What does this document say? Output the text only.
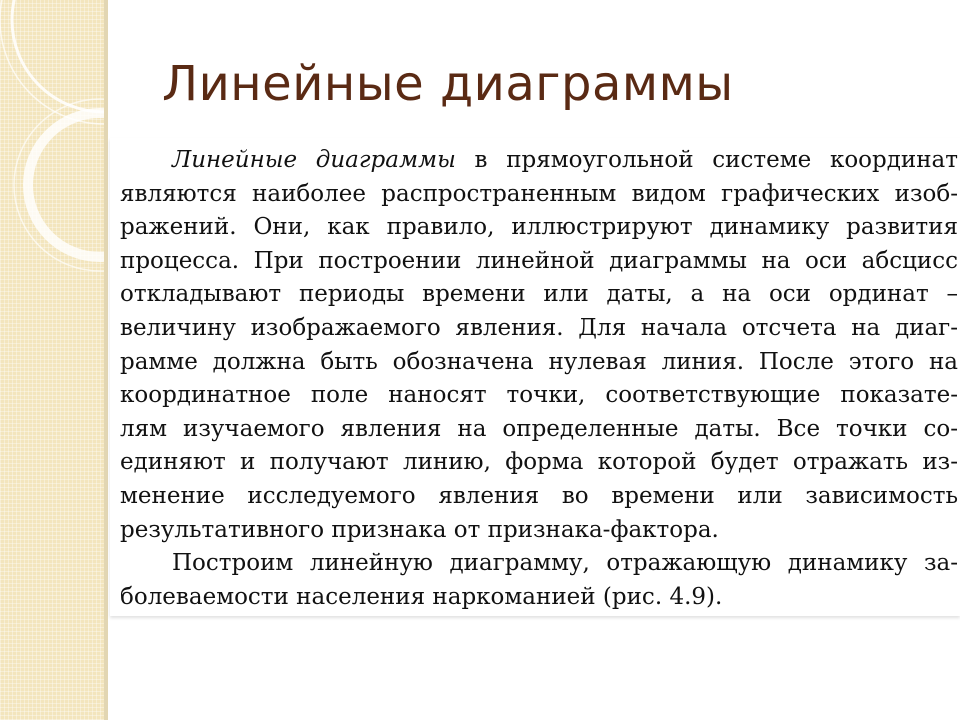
Линейные диаграммы
Линейные диаграммы в прямоугольной системе координат
являются наиболее распространенным видом графических изоб-
ражений. Они, как правило, иллюстрируют динамику развития
процесса. При построении линейной диаграммы на оси абсцисс
откладывают периоды времени или даты, а на оси ординат –
величину изображаемого явления. Для начала отсчета на диаг-
рамме должна быть обозначена нулевая линия. После этого на
координатное поле наносят точки, соответствующие показате-
лям изучаемого явления на определенные даты. Все точки со-
единяют и получают линию, форма которой будет отражать из-
менение исследуемого явления во времени или зависимость
результативного признака от признака-фактора.
Построим линейную диаграмму, отражающую динамику за-
болеваемости населения наркоманией (рис. 4.9).
